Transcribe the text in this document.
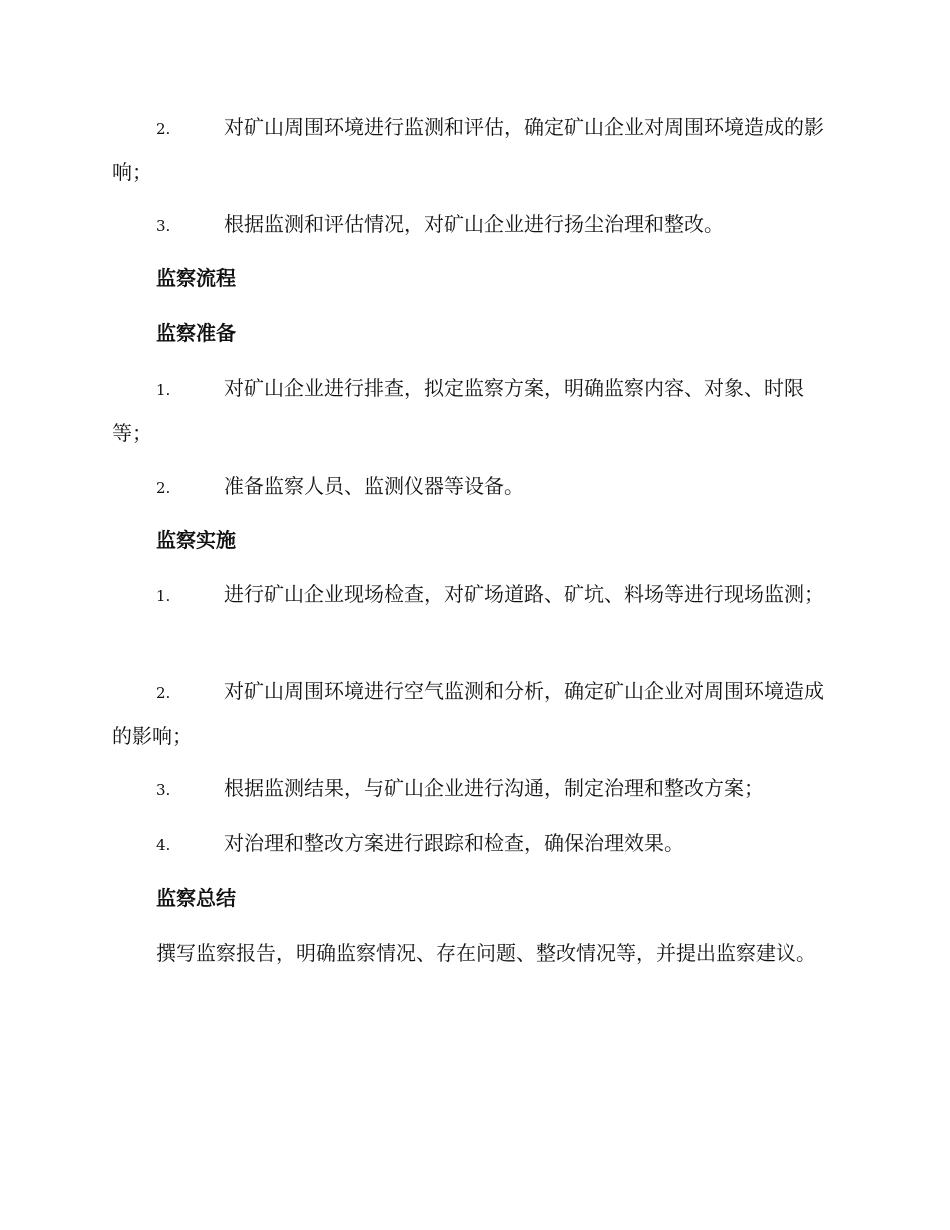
2.	对矿山周围环境进行监测和评估，确定矿山企业对周围环境造成的影响；
3.	根据监测和评估情况，对矿山企业进行扬尘治理和整改。
监察流程
监察准备
1.	对矿山企业进行排查，拟定监察方案，明确监察内容、对象、时限等；
2.	准备监察人员、监测仪器等设备。
监察实施
1.	进行矿山企业现场检查，对矿场道路、矿坑、料场等进行现场监测；
2.	对矿山周围环境进行空气监测和分析，确定矿山企业对周围环境造成的影响；
3.	根据监测结果，与矿山企业进行沟通，制定治理和整改方案；
4.	对治理和整改方案进行跟踪和检查，确保治理效果。
监察总结
撰写监察报告，明确监察情况、存在问题、整改情况等，并提出监察建议。
